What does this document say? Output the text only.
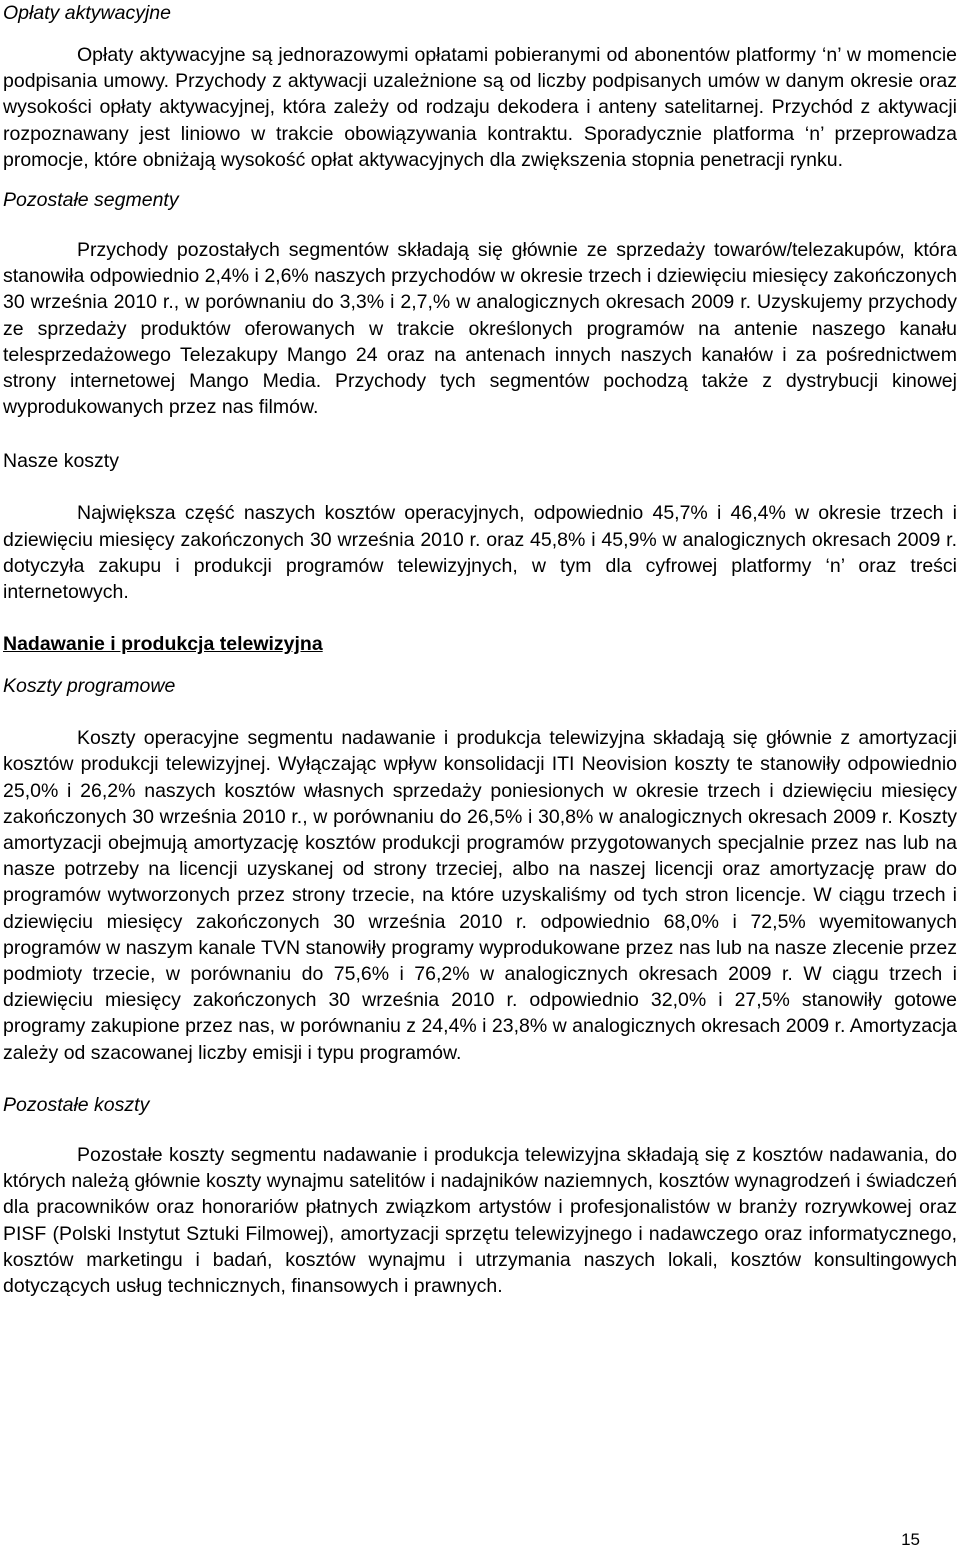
Opłaty aktywacyjne

Opłaty aktywacyjne są jednorazowymi opłatami pobieranymi od abonentów platformy ‘n’ w momencie podpisania umowy. Przychody z aktywacji uzależnione są od liczby podpisanych umów w danym okresie oraz wysokości opłaty aktywacyjnej, która zależy od rodzaju dekodera i anteny satelitarnej. Przychód z aktywacji rozpoznawany jest liniowo w trakcie obowiązywania kontraktu. Sporadycznie platforma ‘n’ przeprowadza promocje, które obniżają wysokość opłat aktywacyjnych dla zwiększenia stopnia penetracji rynku.

Pozostałe segmenty

Przychody pozostałych segmentów składają się głównie ze sprzedaży towarów/telezakupów, która stanowiła odpowiednio 2,4% i 2,6% naszych przychodów w okresie trzech i dziewięciu miesięcy zakończonych 30 września 2010 r., w porównaniu do 3,3% i 2,7,% w analogicznych okresach 2009 r. Uzyskujemy przychody ze sprzedaży produktów oferowanych w trakcie określonych programów na antenie naszego kanału telesprzedażowego Telezakupy Mango 24 oraz na antenach innych naszych kanałów i za pośrednictwem strony internetowej Mango Media. Przychody tych segmentów pochodzą także z dystrybucji kinowej wyprodukowanych przez nas filmów.

Nasze koszty

Największa część naszych kosztów operacyjnych, odpowiednio 45,7% i 46,4% w okresie trzech i dziewięciu miesięcy zakończonych 30 września 2010 r. oraz 45,8% i 45,9% w analogicznych okresach 2009 r. dotyczyła zakupu i produkcji programów telewizyjnych, w tym dla cyfrowej platformy ‘n’ oraz treści internetowych.

Nadawanie i produkcja telewizyjna

Koszty programowe

Koszty operacyjne segmentu nadawanie i produkcja telewizyjna składają się głównie z amortyzacji kosztów produkcji telewizyjnej. Wyłączając wpływ konsolidacji ITI Neovision koszty te stanowiły odpowiednio 25,0% i 26,2% naszych kosztów własnych sprzedaży poniesionych w okresie trzech i dziewięciu miesięcy zakończonych 30 września 2010 r., w porównaniu do 26,5% i 30,8% w analogicznych okresach 2009 r. Koszty amortyzacji obejmują amortyzację kosztów produkcji programów przygotowanych specjalnie przez nas lub na nasze potrzeby na licencji uzyskanej od strony trzeciej, albo na naszej licencji oraz amortyzację praw do programów wytworzonych przez strony trzecie, na które uzyskaliśmy od tych stron licencje. W ciągu trzech i dziewięciu miesięcy zakończonych 30 września 2010 r. odpowiednio 68,0% i 72,5% wyemitowanych programów w naszym kanale TVN stanowiły programy wyprodukowane przez nas lub na nasze zlecenie przez podmioty trzecie, w porównaniu do 75,6% i 76,2% w analogicznych okresach 2009 r. W ciągu trzech i dziewięciu miesięcy zakończonych 30 września 2010 r. odpowiednio 32,0% i 27,5% stanowiły gotowe programy zakupione przez nas, w porównaniu z 24,4% i 23,8% w analogicznych okresach 2009 r. Amortyzacja zależy od szacowanej liczby emisji i typu programów.

Pozostałe koszty

Pozostałe koszty segmentu nadawanie i produkcja telewizyjna składają się z kosztów nadawania, do których należą głównie koszty wynajmu satelitów i nadajników naziemnych, kosztów wynagrodzeń i świadczeń dla pracowników oraz honorariów płatnych związkom artystów i profesjonalistów w branży rozrywkowej oraz PISF (Polski Instytut Sztuki Filmowej), amortyzacji sprzętu telewizyjnego i nadawczego oraz informatycznego, kosztów marketingu i badań, kosztów wynajmu i utrzymania naszych lokali, kosztów konsultingowych dotyczących usług technicznych, finansowych i prawnych.

15
